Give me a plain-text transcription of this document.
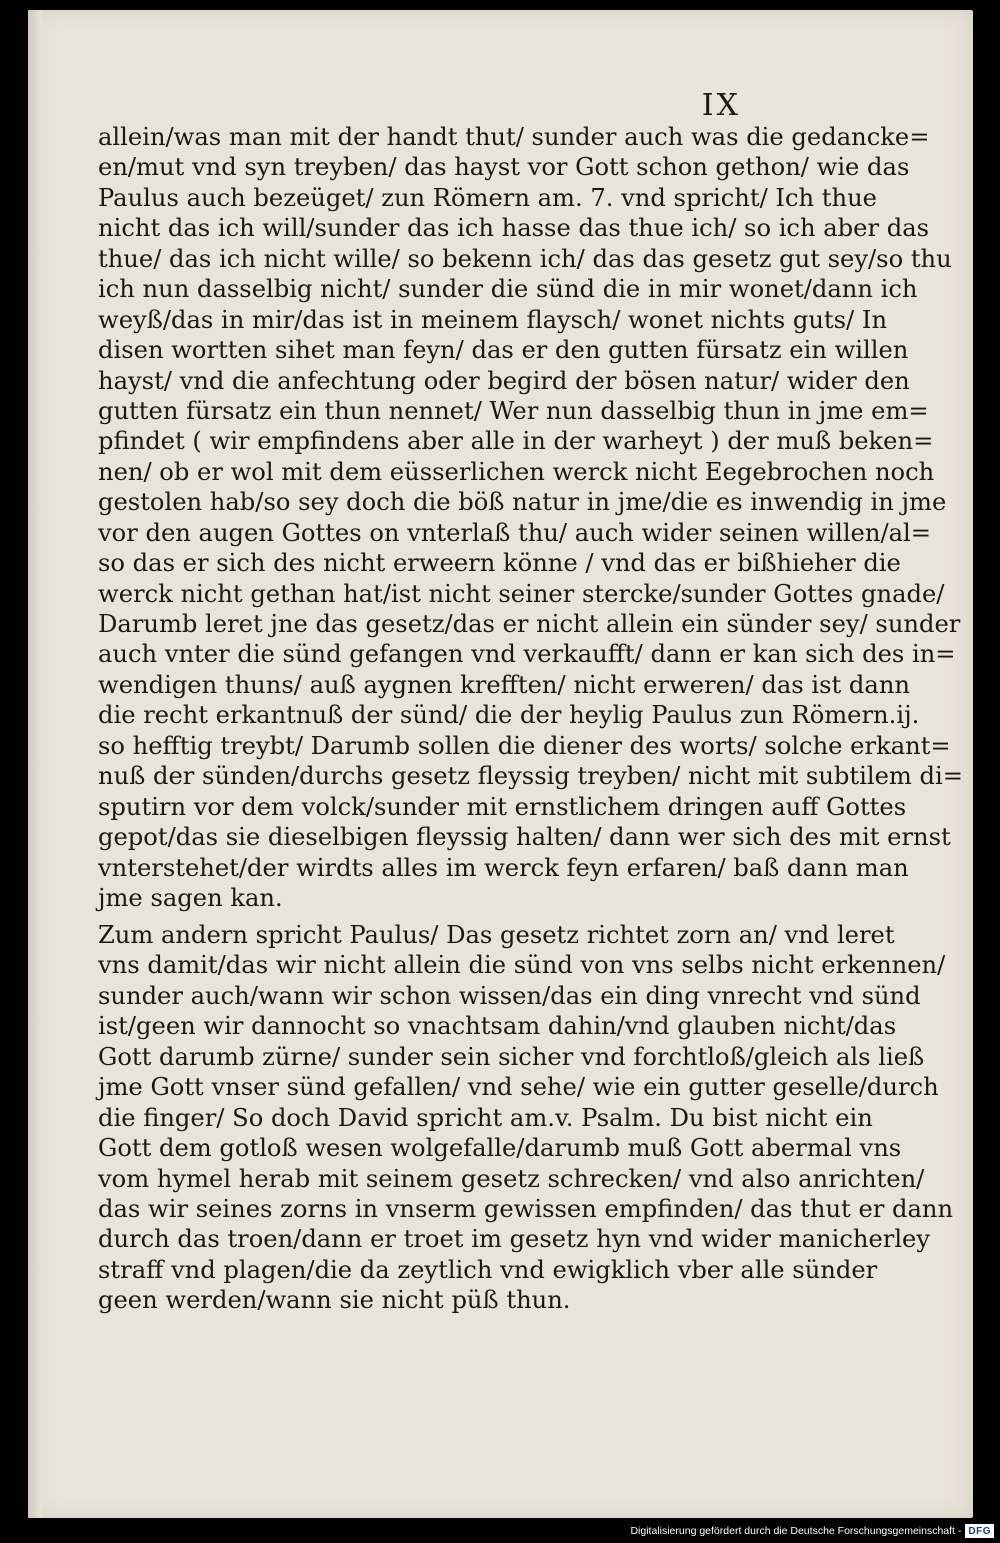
IX

allein/was man mit der handt thut/ sunder auch was die gedancke=
en/mut vnd syn treyben/ das hayst vor Gott schon gethon/ wie das
Paulus auch bezeüget/ zun Römern am. 7. vnd spricht/ Ich thue
nicht das ich will/sunder das ich hasse das thue ich/ so ich aber das
thue/ das ich nicht wille/ so bekenn ich/ das das gesetz gut sey/so thu
ich nun dasselbig nicht/ sunder die sünd die in mir wonet/dann ich
weyß/das in mir/das ist in meinem flaysch/ wonet nichts guts/ In
disen wortten sihet man feyn/ das er den gutten fürsatz ein willen
hayst/ vnd die anfechtung oder begird der bösen natur/ wider den
gutten fürsatz ein thun nennet/ Wer nun dasselbig thun in jme em=
pfindet ( wir empfindens aber alle in der warheyt ) der muß beken=
nen/ ob er wol mit dem eüsserlichen werck nicht Eegebrochen noch
gestolen hab/so sey doch die böß natur in jme/die es inwendig in jme
vor den augen Gottes on vnterlaß thu/ auch wider seinen willen/al=
so das er sich des nicht erweern könne / vnd das er bißhieher die
werck nicht gethan hat/ist nicht seiner stercke/sunder Gottes gnade/
Darumb leret jne das gesetz/das er nicht allein ein sünder sey/ sunder
auch vnter die sünd gefangen vnd verkaufft/ dann er kan sich des in=
wendigen thuns/ auß aygnen krefften/ nicht erweren/ das ist dann
die recht erkantnuß der sünd/ die der heylig Paulus zun Römern.ij.
so hefftig treybt/ Darumb sollen die diener des worts/ solche erkant=
nuß der sünden/durchs gesetz fleyssig treyben/ nicht mit subtilem di=
sputirn vor dem volck/sunder mit ernstlichem dringen auff Gottes
gepot/das sie dieselbigen fleyssig halten/ dann wer sich des mit ernst
vnterstehet/der wirdts alles im werck feyn erfaren/ baß dann man
jme sagen kan.
Zum andern spricht Paulus/ Das gesetz richtet zorn an/ vnd leret
vns damit/das wir nicht allein die sünd von vns selbs nicht erkennen/
sunder auch/wann wir schon wissen/das ein ding vnrecht vnd sünd
ist/geen wir dannocht so vnachtsam dahin/vnd glauben nicht/das
Gott darumb zürne/ sunder sein sicher vnd forchtloß/gleich als ließ
jme Gott vnser sünd gefallen/ vnd sehe/ wie ein gutter geselle/durch
die finger/ So doch David spricht am.v. Psalm. Du bist nicht ein
Gott dem gotloß wesen wolgefalle/darumb muß Gott abermal vns
vom hymel herab mit seinem gesetz schrecken/ vnd also anrichten/
das wir seines zorns in vnserm gewissen empfinden/ das thut er dann
durch das troen/dann er troet im gesetz hyn vnd wider manicherley
straff vnd plagen/die da zeytlich vnd ewigklich vber alle sünder
geen werden/wann sie nicht püß thun.
Digitalisierung gefördert durch die Deutsche Forschungsgemeinschaft - DFG
